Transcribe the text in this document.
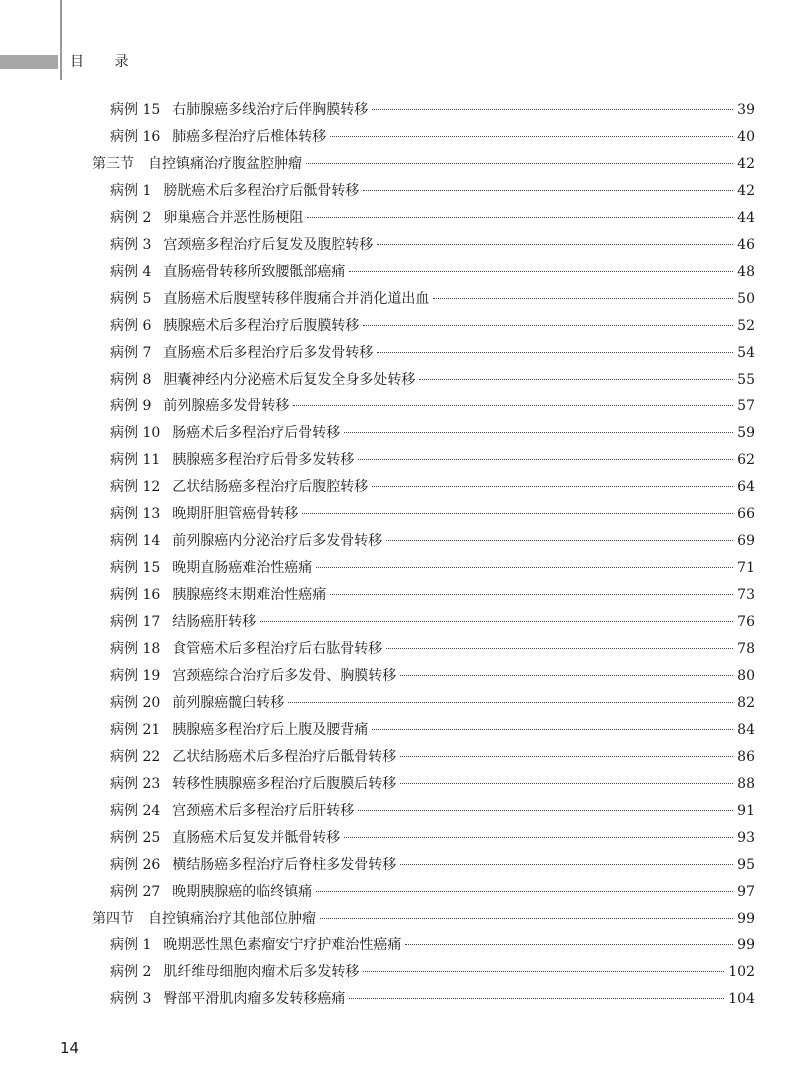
目 录
病例 15 右肺腺癌多线治疗后伴胸膜转移	39
病例 16 肺癌多程治疗后椎体转移	40
第三节 自控镇痛治疗腹盆腔肿瘤	42
病例 1 膀胱癌术后多程治疗后骶骨转移	42
病例 2 卵巢癌合并恶性肠梗阻	44
病例 3 宫颈癌多程治疗后复发及腹腔转移	46
病例 4 直肠癌骨转移所致腰骶部癌痛	48
病例 5 直肠癌术后腹壁转移伴腹痛合并消化道出血	50
病例 6 胰腺癌术后多程治疗后腹膜转移	52
病例 7 直肠癌术后多程治疗后多发骨转移	54
病例 8 胆囊神经内分泌癌术后复发全身多处转移	55
病例 9 前列腺癌多发骨转移	57
病例 10 肠癌术后多程治疗后骨转移	59
病例 11 胰腺癌多程治疗后骨多发转移	62
病例 12 乙状结肠癌多程治疗后腹腔转移	64
病例 13 晚期肝胆管癌骨转移	66
病例 14 前列腺癌内分泌治疗后多发骨转移	69
病例 15 晚期直肠癌难治性癌痛	71
病例 16 胰腺癌终末期难治性癌痛	73
病例 17 结肠癌肝转移	76
病例 18 食管癌术后多程治疗后右肱骨转移	78
病例 19 宫颈癌综合治疗后多发骨、胸膜转移	80
病例 20 前列腺癌髋臼转移	82
病例 21 胰腺癌多程治疗后上腹及腰背痛	84
病例 22 乙状结肠癌术后多程治疗后骶骨转移	86
病例 23 转移性胰腺癌多程治疗后腹膜后转移	88
病例 24 宫颈癌术后多程治疗后肝转移	91
病例 25 直肠癌术后复发并骶骨转移	93
病例 26 横结肠癌多程治疗后脊柱多发骨转移	95
病例 27 晚期胰腺癌的临终镇痛	97
第四节 自控镇痛治疗其他部位肿瘤	99
病例 1 晚期恶性黑色素瘤安宁疗护难治性癌痛	99
病例 2 肌纤维母细胞肉瘤术后多发转移	102
病例 3 臀部平滑肌肉瘤多发转移癌痛	104
14
